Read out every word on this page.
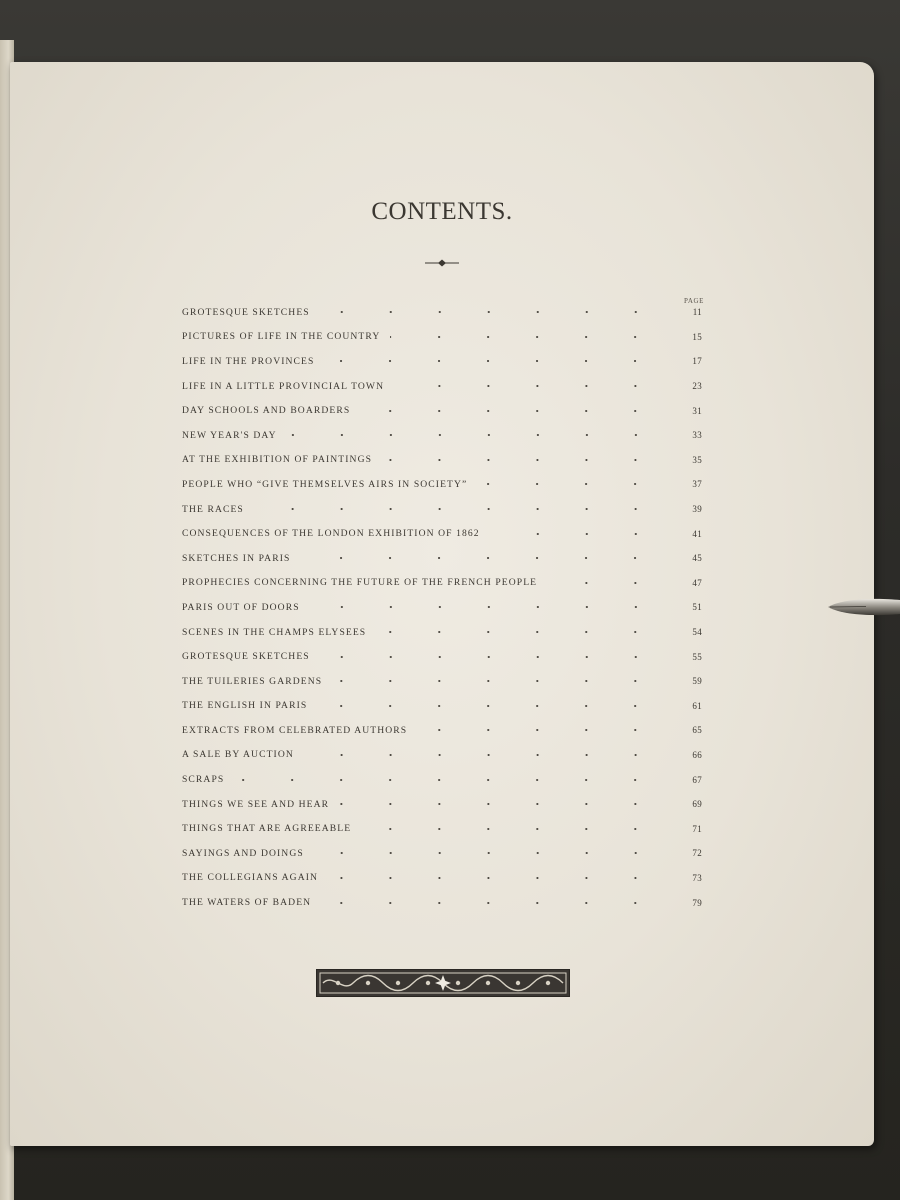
CONTENTS.
PAGE
GROTESQUE SKETCHES	11
PICTURES OF LIFE IN THE COUNTRY	15
LIFE IN THE PROVINCES	17
LIFE IN A LITTLE PROVINCIAL TOWN	23
DAY SCHOOLS AND BOARDERS	31
NEW YEAR'S DAY	33
AT THE EXHIBITION OF PAINTINGS	35
PEOPLE WHO “GIVE THEMSELVES AIRS IN SOCIETY”	37
THE RACES	39
CONSEQUENCES OF THE LONDON EXHIBITION OF 1862	41
SKETCHES IN PARIS	45
PROPHECIES CONCERNING THE FUTURE OF THE FRENCH PEOPLE	47
PARIS OUT OF DOORS	51
SCENES IN THE CHAMPS ELYSEES	54
GROTESQUE SKETCHES	55
THE TUILERIES GARDENS	59
THE ENGLISH IN PARIS	61
EXTRACTS FROM CELEBRATED AUTHORS	65
A SALE BY AUCTION	66
SCRAPS	67
THINGS WE SEE AND HEAR	69
THINGS THAT ARE AGREEABLE	71
SAYINGS AND DOINGS	72
THE COLLEGIANS AGAIN	73
THE WATERS OF BADEN	79
